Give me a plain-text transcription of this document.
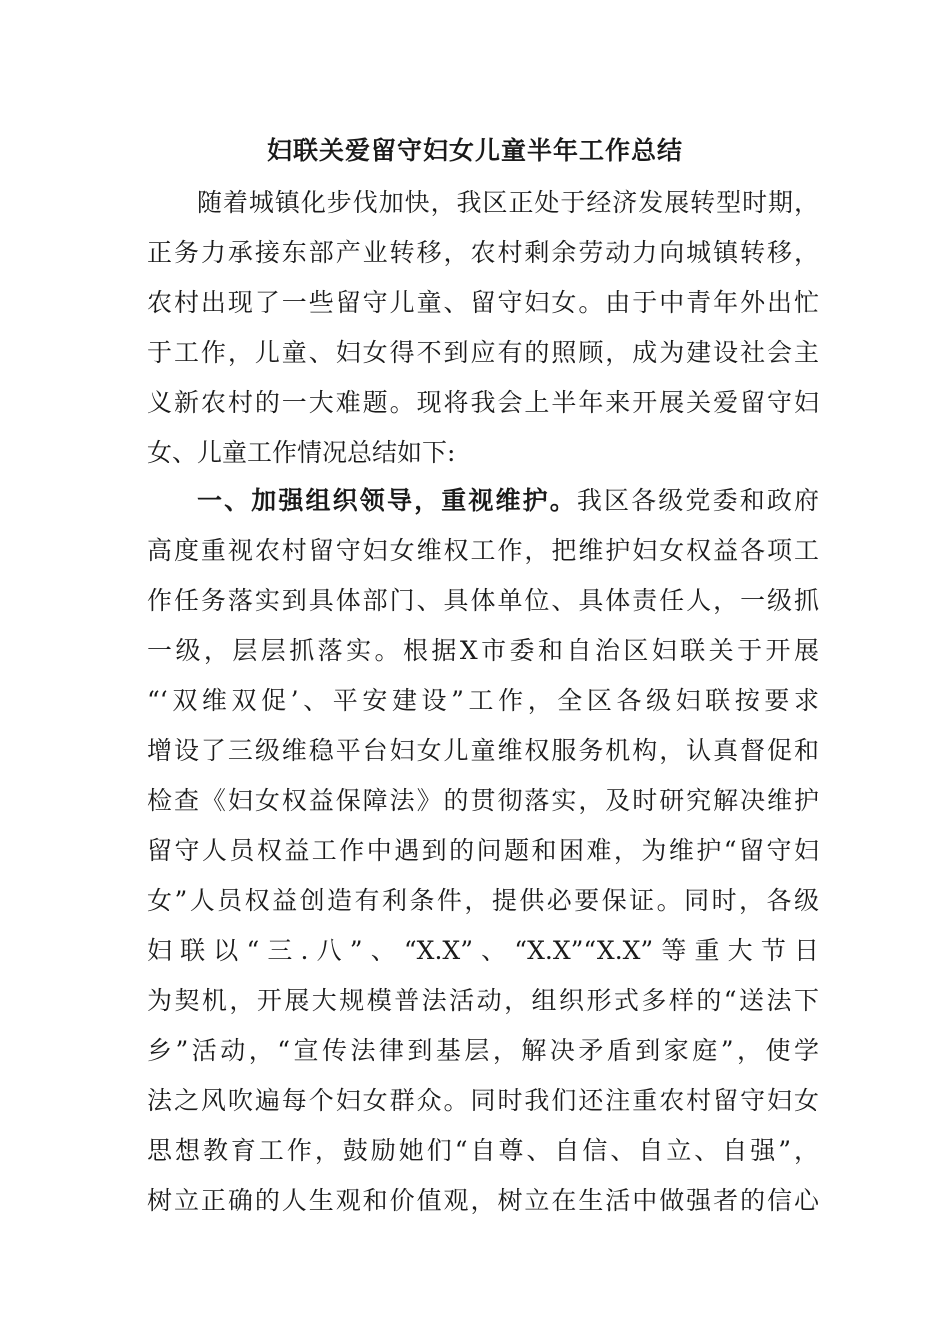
妇联关爱留守妇女儿童半年工作总结
随着城镇化步伐加快，我区正处于经济发展转型时期，
正务力承接东部产业转移，农村剩余劳动力向城镇转移，
农村出现了一些留守儿童、留守妇女。由于中青年外出忙
于工作，儿童、妇女得不到应有的照顾，成为建设社会主
义新农村的一大难题。现将我会上半年来开展关爱留守妇
女、儿童工作情况总结如下:
一、加强组织领导，重视维护。我区各级党委和政府
高度重视农村留守妇女维权工作，把维护妇女权益各项工
作任务落实到具体部门、具体单位、具体责任人，一级抓
一级，层层抓落实。根据X市委和自治区妇联关于开展
“‘双维双促’、平安建设”工作，全区各级妇联按要求
增设了三级维稳平台妇女儿童维权服务机构，认真督促和
检查《妇女权益保障法》的贯彻落实，及时研究解决维护
留守人员权益工作中遇到的问题和困难，为维护“留守妇
女”人员权益创造有利条件，提供必要保证。同时，各级
妇联以“三.八”、“X.X”、“X.X”“X.X”等重大节日
为契机，开展大规模普法活动，组织形式多样的“送法下
乡”活动，“宣传法律到基层，解决矛盾到家庭”，使学
法之风吹遍每个妇女群众。同时我们还注重农村留守妇女
思想教育工作，鼓励她们“自尊、自信、自立、自强”，
树立正确的人生观和价值观，树立在生活中做强者的信心
